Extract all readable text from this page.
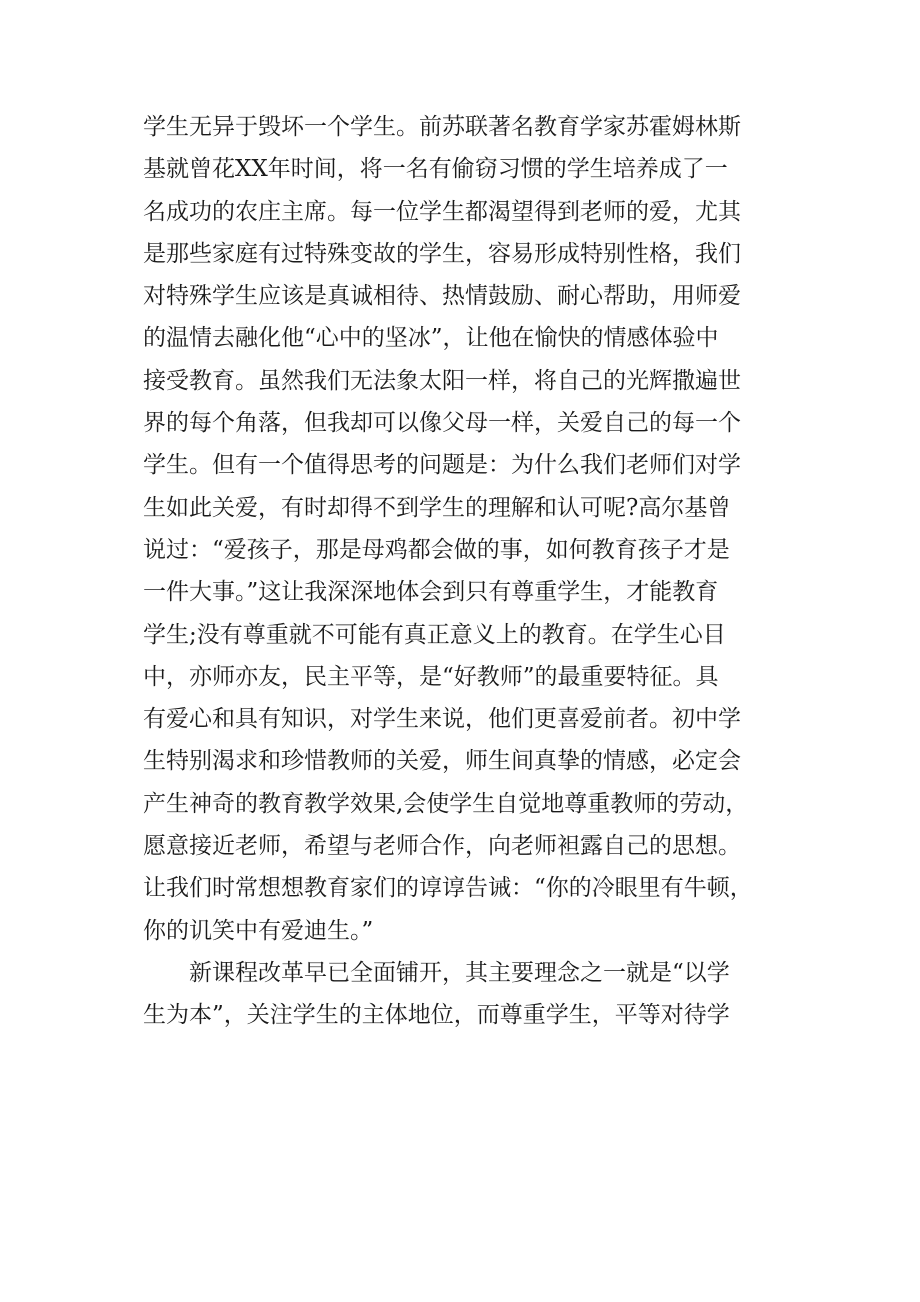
学生无异于毁坏一个学生。前苏联著名教育学家苏霍姆林斯
基就曾花XX年时间，将一名有偷窃习惯的学生培养成了一
名成功的农庄主席。每一位学生都渴望得到老师的爱，尤其
是那些家庭有过特殊变故的学生，容易形成特别性格，我们
对特殊学生应该是真诚相待、热情鼓励、耐心帮助，用师爱
的温情去融化他“心中的坚冰”，让他在愉快的情感体验中
接受教育。虽然我们无法象太阳一样，将自己的光辉撒遍世
界的每个角落，但我却可以像父母一样，关爱自己的每一个
学生。但有一个值得思考的问题是：为什么我们老师们对学
生如此关爱，有时却得不到学生的理解和认可呢?高尔基曾
说过：“爱孩子，那是母鸡都会做的事，如何教育孩子才是
一件大事。”这让我深深地体会到只有尊重学生，才能教育
学生;没有尊重就不可能有真正意义上的教育。在学生心目
中，亦师亦友，民主平等，是“好教师”的最重要特征。具
有爱心和具有知识，对学生来说，他们更喜爱前者。初中学
生特别渴求和珍惜教师的关爱，师生间真挚的情感，必定会
产生神奇的教育教学效果,会使学生自觉地尊重教师的劳动，
愿意接近老师，希望与老师合作，向老师袒露自己的思想。
让我们时常想想教育家们的谆谆告诫：“你的冷眼里有牛顿，
你的讥笑中有爱迪生。”
新课程改革早已全面铺开，其主要理念之一就是“以学
生为本”，关注学生的主体地位，而尊重学生，平等对待学
